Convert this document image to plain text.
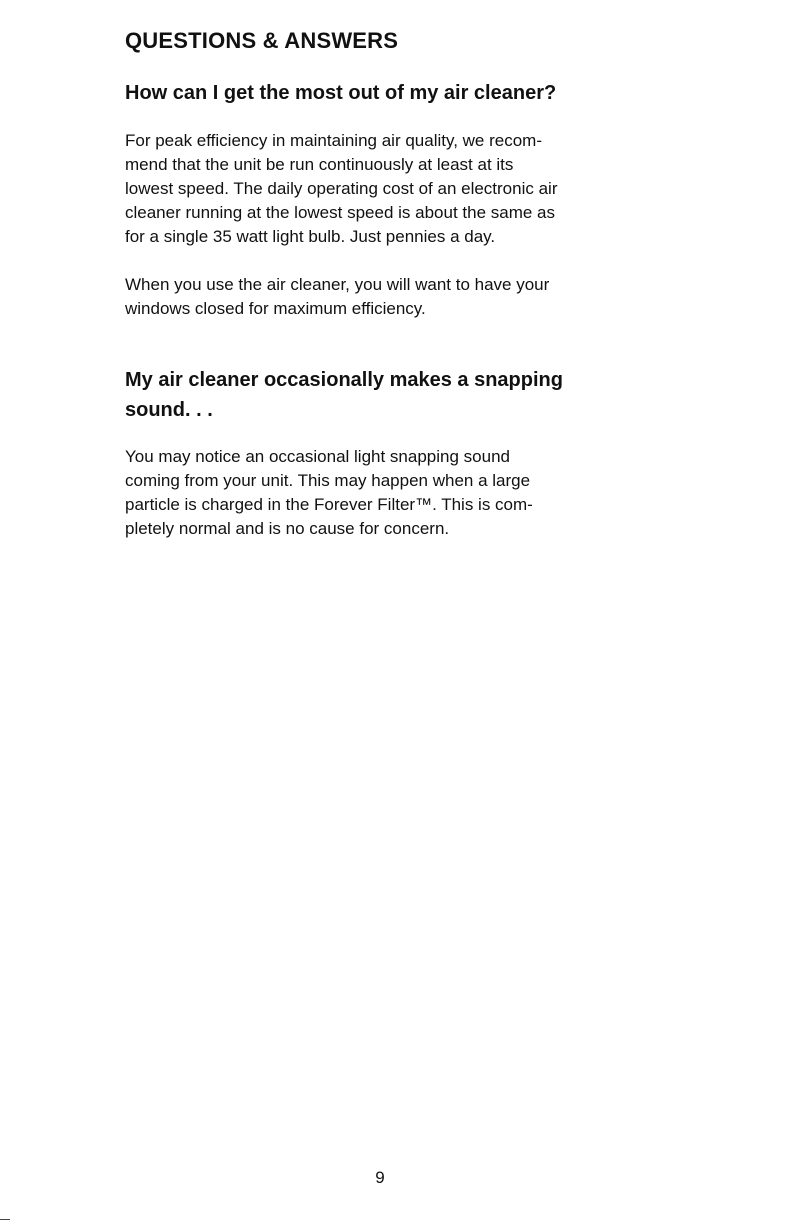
QUESTIONS & ANSWERS
How can I get the most out of my air cleaner?

For peak efficiency in maintaining air quality, we recom-
mend that the unit be run continuously at least at its
lowest speed. The daily operating cost of an electronic air
cleaner running at the lowest speed is about the same as
for a single 35 watt light bulb. Just pennies a day.

When you use the air cleaner, you will want to have your
windows closed for maximum efficiency.

My air cleaner occasionally makes a snapping
sound. . .

You may notice an occasional light snapping sound
coming from your unit. This may happen when a large
particle is charged in the Forever Filter™. This is com-
pletely normal and is no cause for concern.

9
